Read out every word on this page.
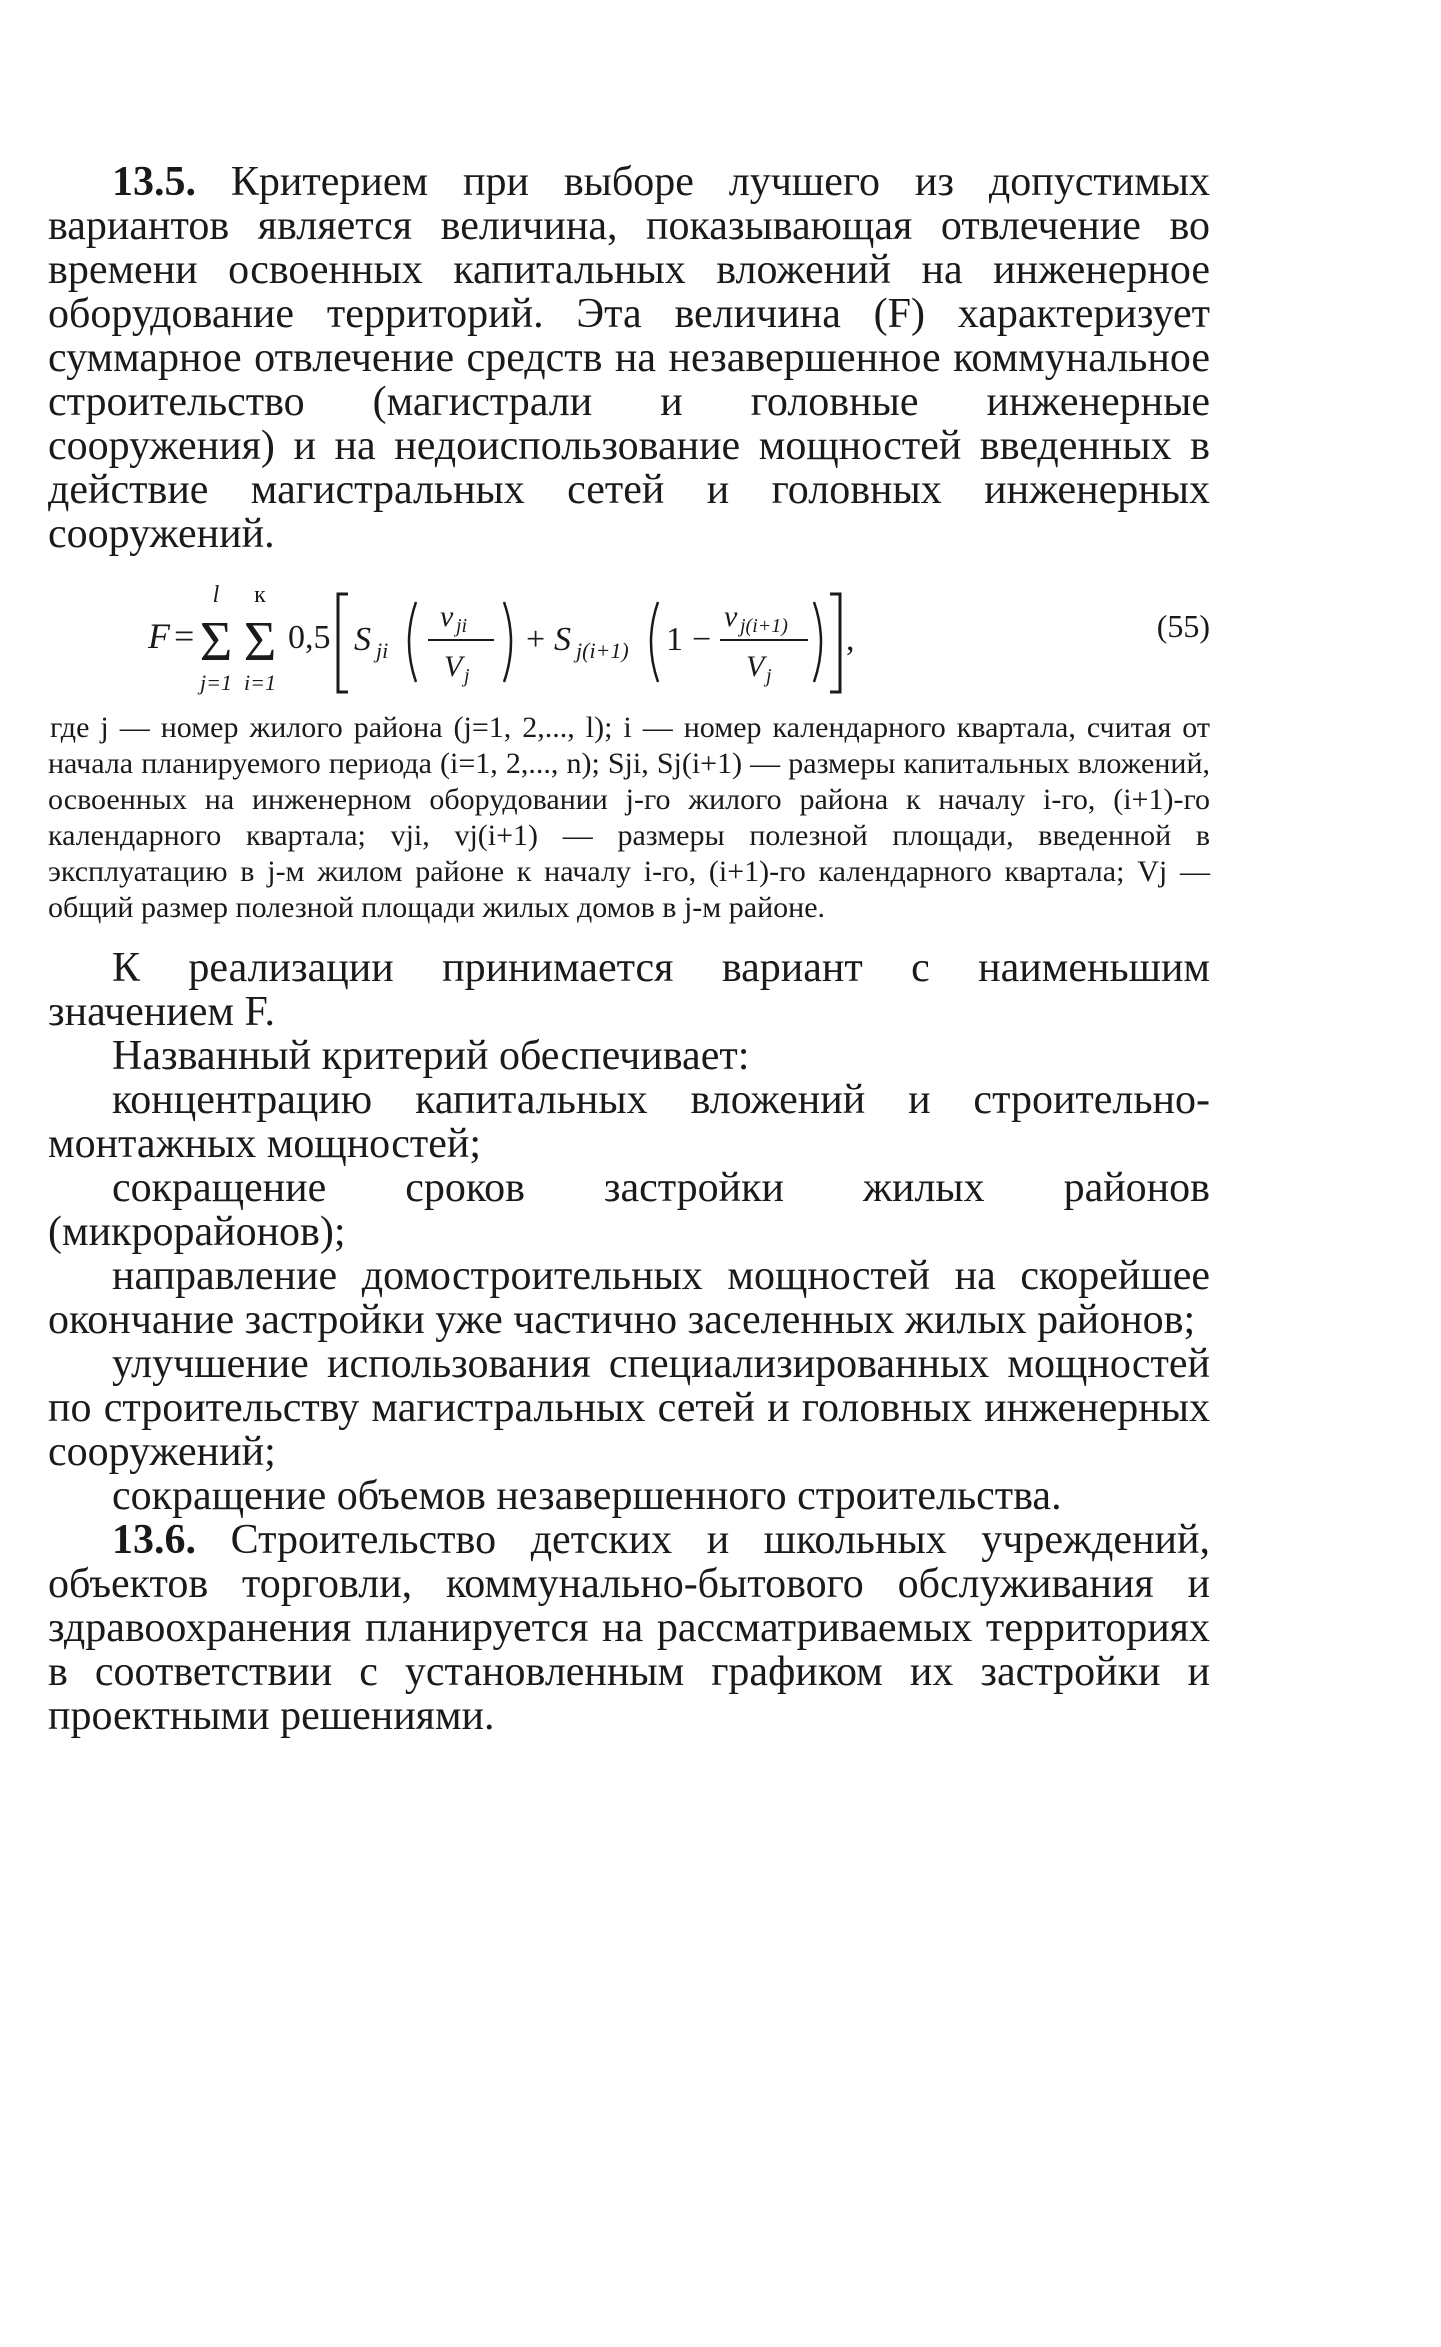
13.5. Критерием при выборе лучшего из допустимых вариантов является величина, показывающая отвлечение во времени освоенных капитальных вложений на инженерное оборудование территорий. Эта величина (F) характеризует суммарное отвлечение средств на незавершенное коммунальное строительство (магистрали и головные инженерные сооружения) и на недоиспользование мощностей введенных в действие магистральных сетей и головных инженерных сооружений.

F =
l
Σ
j=1
к
Σ
i=1
0,5 S ji
v ji
V j
+ S j(i+1) 1 −
v j(i+1)
V j
,	(55)

где j — номер жилого района (j=1, 2,..., l); i — номер календарного квартала, считая от начала планируемого периода (i=1, 2,..., n); Sji, Sj(i+1) — размеры капитальных вложений, освоенных на инженерном оборудовании j-го жилого района к началу i-го, (i+1)-го календарного квартала; vji, vj(i+1) — размеры полезной площади, введенной в эксплуатацию в j-м жилом районе к началу i-го, (i+1)-го календарного квартала; Vj — общий размер полезной площади жилых домов в j-м районе.

К реализации принимается вариант с наименьшим значением F.

Названный критерий обеспечивает:

концентрацию капитальных вложений и строительно-монтажных мощностей;

сокращение сроков застройки жилых районов (микрорайонов);

направление домостроительных мощностей на скорейшее окончание застройки уже частично заселенных жилых районов;

улучшение использования специализированных мощностей по строительству магистральных сетей и головных инженерных сооружений;

сокращение объемов незавершенного строительства.

13.6. Строительство детских и школьных учреждений, объектов торговли, коммунально-бытового обслуживания и здравоохранения планируется на рассматриваемых территориях в соответствии с установленным графиком их застройки и проектными решениями.
